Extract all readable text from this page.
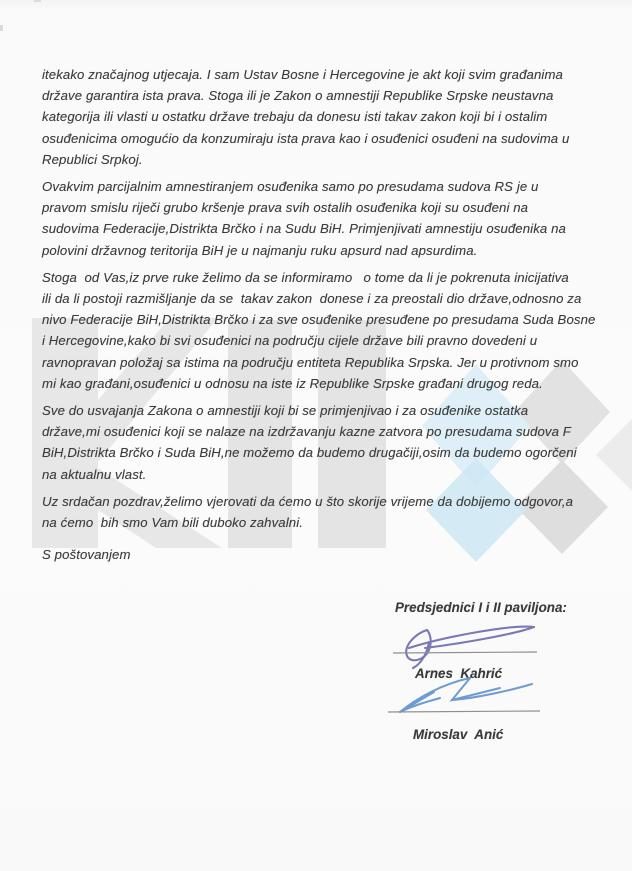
itekako značajnog utjecaja. I sam Ustav Bosne i Hercegovine je akt koji svim građanima
države garantira ista prava. Stoga ili je Zakon o amnestiji Republike Srpske neustavna
kategorija ili vlasti u ostatku države trebaju da donesu isti takav zakon koji bi i ostalim
osuđenicima omogućio da konzumiraju ista prava kao i osuđenici osuđeni na sudovima u
Republici Srpkoj.

Ovakvim parcijalnim amnestiranjem osuđenika samo po presudama sudova RS je u
pravom smislu riječi grubo kršenje prava svih ostalih osuđenika koji su osuđeni na
sudovima Federacije,Distrikta Brčko i na Sudu BiH. Primjenjivati amnestiju osuđenika na
polovini državnog teritorija BiH je u najmanju ruku apsurd nad apsurdima.

Stoga  od Vas,iz prve ruke želimo da se informiramo   o tome da li je pokrenuta inicijativa
ili da li postoji razmišljanje da se  takav zakon  donese i za preostali dio države,odnosno za
nivo Federacije BiH,Distrikta Brčko i za sve osuđenike presuđene po presudama Suda Bosne
i Hercegovine,kako bi svi osuđenici na području cijele države bili pravno dovedeni u
ravnopravan položaj sa istima na području entiteta Republika Srpska. Jer u protivnom smo
mi kao građani,osuđenici u odnosu na iste iz Republike Srpske građani drugog reda.

Sve do usvajanja Zakona o amnestiji koji bi se primjenjivao i za osuđenike ostatka
države,mi osuđenici koji se nalaze na izdržavanju kazne zatvora po presudama sudova F
BiH,Distrikta Brčko i Suda BiH,ne možemo da budemo drugačiji,osim da budemo ogorčeni
na aktualnu vlast.

Uz srdačan pozdrav,želimo vjerovati da ćemo u što skorije vrijeme da dobijemo odgovor,a
na ćemo  bih smo Vam bili duboko zahvalni.

S poštovanjem

Predsjednici I i II paviljona:
Arnes  Kahrić
Miroslav  Anić
